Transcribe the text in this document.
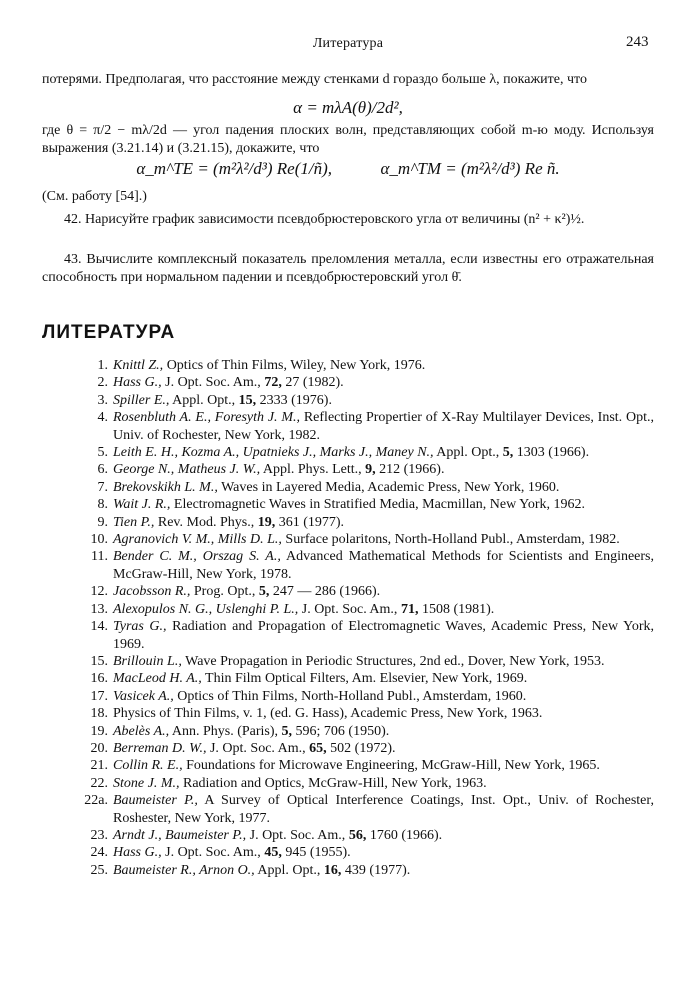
Литература	243
потерями. Предполагая, что расстояние между стенками d гораздо больше λ, покажите, что
α = mλA(θ)/2d²,
где θ = π/2 − mλ/2d — угол падения плоских волн, представляющих собой m-ю моду. Используя выражения (3.21.14) и (3.21.15), докажите, что
α_m^TE = (m²λ²/d³) Re(1/ñ),	α_m^TM = (m²λ²/d³) Re ñ.
(См. работу [54].)
42. Нарисуйте график зависимости псевдобрюстеровского угла от величины (n² + κ²)½.
43. Вычислите комплексный показатель преломления металла, если известны его отражательная способность при нормальном падении и псевдобрюстеровский угол θ̄.
ЛИТЕРАТУРА
1. Knittl Z., Optics of Thin Films, Wiley, New York, 1976.
2. Hass G., J. Opt. Soc. Am., 72, 27 (1982).
3. Spiller E., Appl. Opt., 15, 2333 (1976).
4. Rosenbluth A. E., Foresyth J. M., Reflecting Propertier of X-Ray Multilayer Devices, Inst. Opt., Univ. of Rochester, New York, 1982.
5. Leith E. H., Kozma A., Upatnieks J., Marks J., Maney N., Appl. Opt., 5, 1303 (1966).
6. George N., Matheus J. W., Appl. Phys. Lett., 9, 212 (1966).
7. Brekovskikh L. M., Waves in Layered Media, Academic Press, New York, 1960.
8. Wait J. R., Electromagnetic Waves in Stratified Media, Macmillan, New York, 1962.
9. Tien P., Rev. Mod. Phys., 19, 361 (1977).
10. Agranovich V. M., Mills D. L., Surface polaritons, North-Holland Publ., Amsterdam, 1982.
11. Bender C. M., Orszag S. A., Advanced Mathematical Methods for Scientists and Engineers, McGraw-Hill, New York, 1978.
12. Jacobsson R., Prog. Opt., 5, 247 — 286 (1966).
13. Alexopulos N. G., Uslenghi P. L., J. Opt. Soc. Am., 71, 1508 (1981).
14. Tyras G., Radiation and Propagation of Electromagnetic Waves, Academic Press, New York, 1969.
15. Brillouin L., Wave Propagation in Periodic Structures, 2nd ed., Dover, New York, 1953.
16. MacLeod H. A., Thin Film Optical Filters, Am. Elsevier, New York, 1969.
17. Vasicek A., Optics of Thin Films, North-Holland Publ., Amsterdam, 1960.
18. Physics of Thin Films, v. 1, (ed. G. Hass), Academic Press, New York, 1963.
19. Abelès A., Ann. Phys. (Paris), 5, 596; 706 (1950).
20. Berreman D. W., J. Opt. Soc. Am., 65, 502 (1972).
21. Collin R. E., Foundations for Microwave Engineering, McGraw-Hill, New York, 1965.
22. Stone J. M., Radiation and Optics, McGraw-Hill, New York, 1963.
22a. Baumeister P., A Survey of Optical Interference Coatings, Inst. Opt., Univ. of Rochester, Roshester, New York, 1977.
23. Arndt J., Baumeister P., J. Opt. Soc. Am., 56, 1760 (1966).
24. Hass G., J. Opt. Soc. Am., 45, 945 (1955).
25. Baumeister R., Arnon O., Appl. Opt., 16, 439 (1977).
